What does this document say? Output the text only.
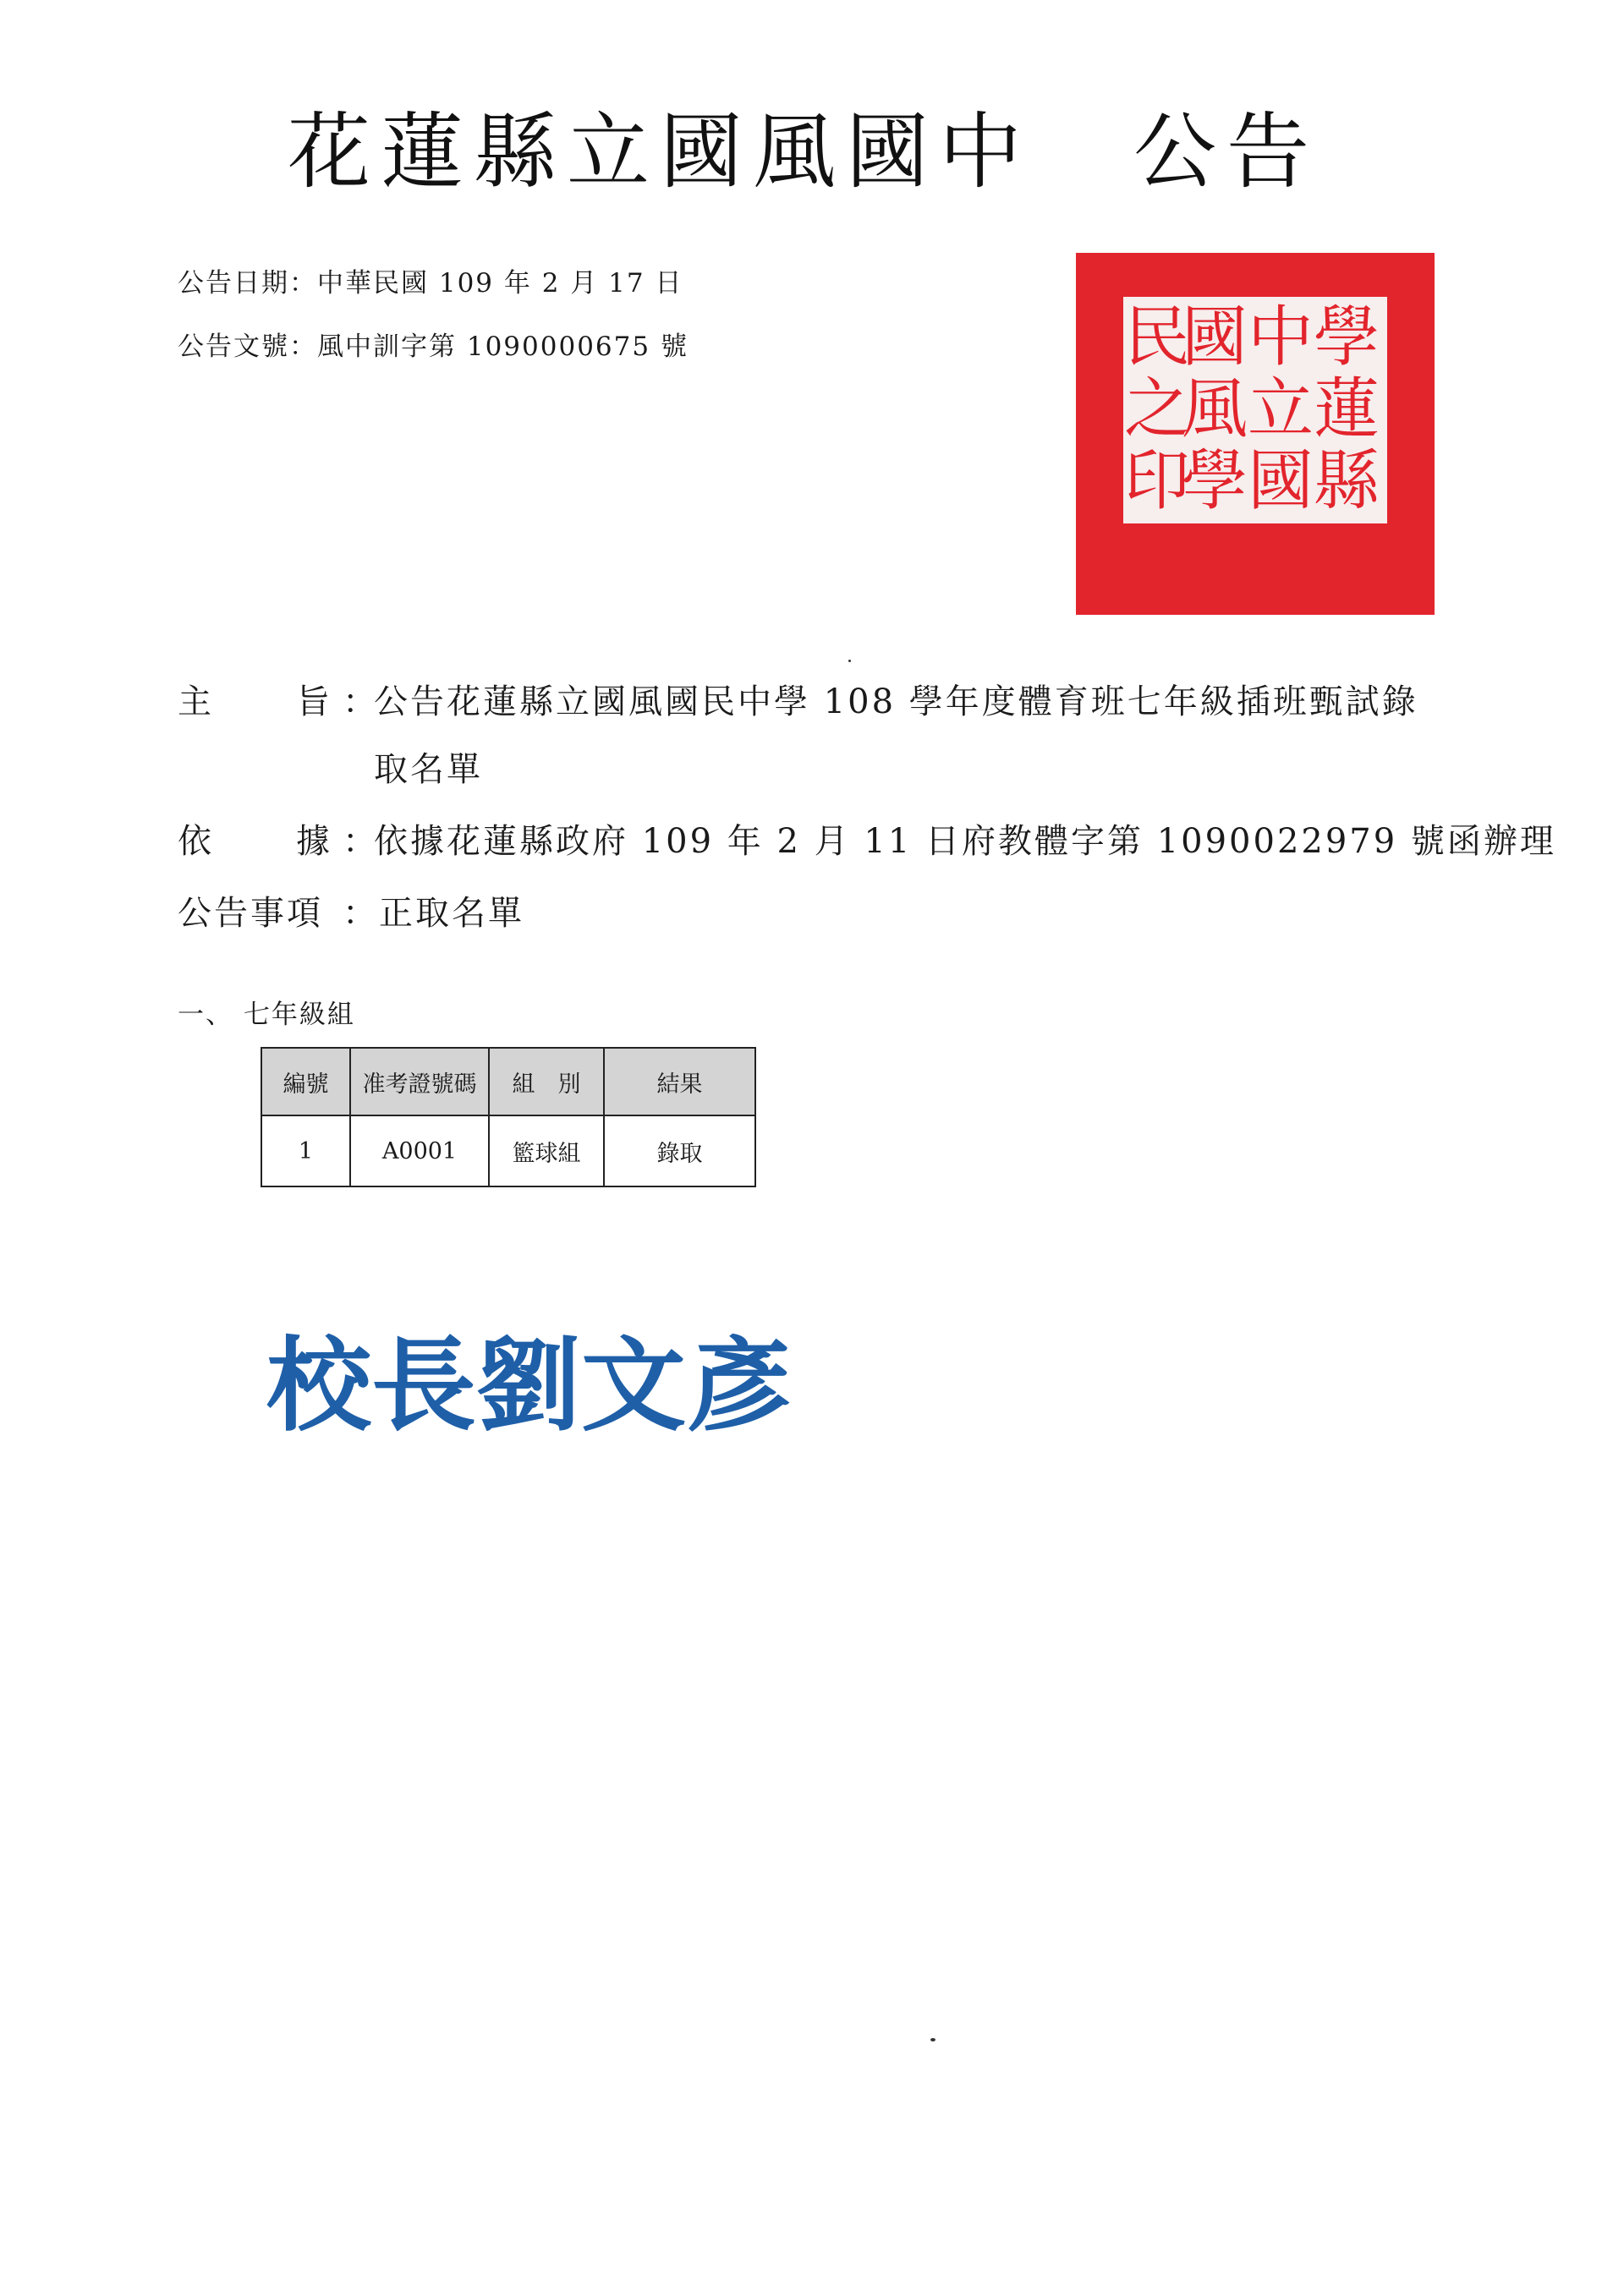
花蓮縣立國風國中 公告
公告日期：中華民國 109 年 2 月 17 日
公告文號：風中訓字第 1090000675 號	學
蓮
縣
中
立
國
國
風
學
民
之
印
主 旨 ：
公告花蓮縣立國風國民中學 108 學年度體育班七年級插班甄試錄
取名單
依 據 ：
依據花蓮縣政府 109 年 2 月 11 日府教體字第 1090022979 號函辦理
公告事項 ：正取名單
一、 七年級組
編號	准考證號碼	組　別	結果
1	A0001	籃球組	錄取
校長劉文彥
